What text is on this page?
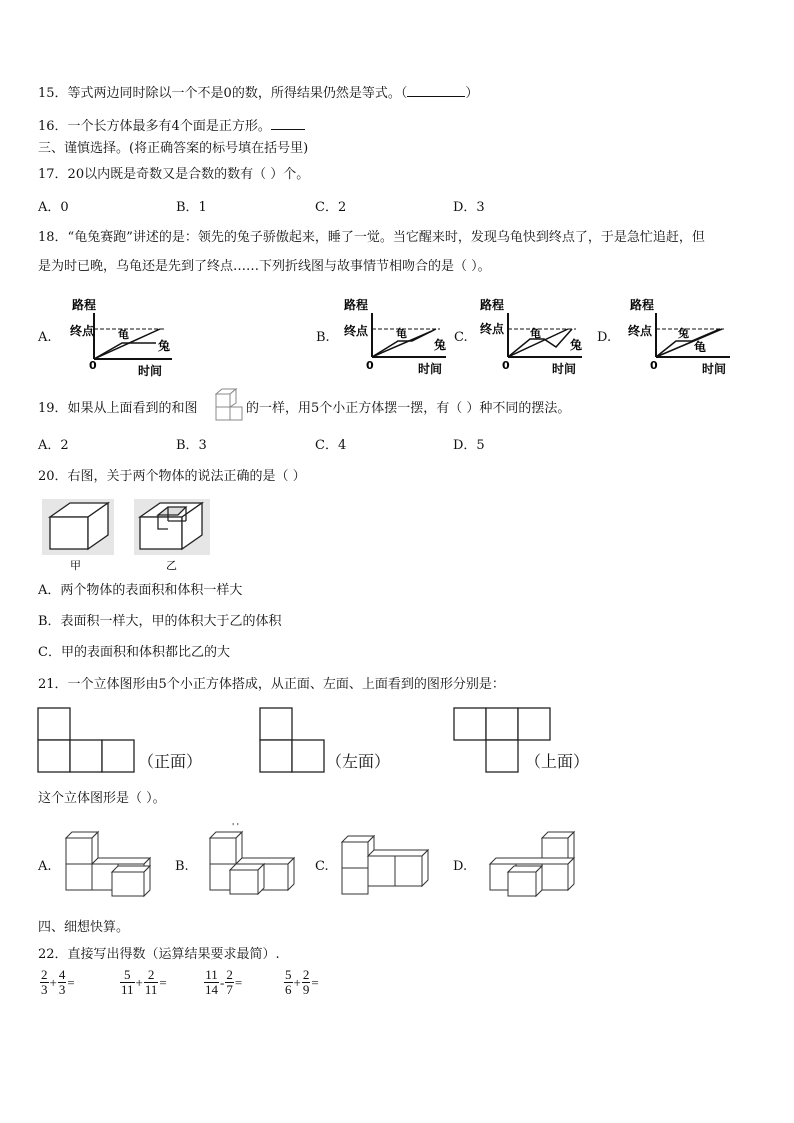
15．等式两边同时除以一个不是0的数，所得结果仍然是等式。（	）
16．一个长方体最多有4个面是正方形。
三、谨慎选择。(将正确答案的标号填在括号里)
17．20以内既是奇数又是合数的数有（ ）个。
A．0	B．1	C．2	D．3
18．“龟兔赛跑”讲述的是：领先的兔子骄傲起来，睡了一觉。当它醒来时，发现乌龟快到终点了，于是急忙追赶，但
是为时已晚，乌龟还是先到了终点……下列折线图与故事情节相吻合的是（ ）。
A.	B.	C.	D.
路程
终点
0
龟
兔
时间
路程
终点
0
龟
兔
时间
路程
终点
0
龟
兔
时间
路程
终点
0
兔
龟
时间
19．如果从上面看到的和图	的一样，用5个小正方体摆一摆，有（ ）种不同的摆法。
A．2	B．3	C．4	D．5
20．右图，关于两个物体的说法正确的是（ ）
甲	乙
A．两个物体的表面积和体积一样大
B．表面积一样大，甲的体积大于乙的体积
C．甲的表面积和体积都比乙的大
21．一个立体图形由5个小正方体搭成，从正面、左面、上面看到的图形分别是：
（正面）	（左面）	（上面）
这个立体图形是（ ）。
A.	B.	C.	D.
' '
四、细想快算。
22．直接写出得数（运算结果要求最简）.
$\frac{2}{3} + \frac{4}{3}$ =	$\frac{5}{11} + \frac{2}{11}$ =	$\frac{11}{14} - \frac{2}{7}$ =	$\frac{5}{6} + \frac{2}{9}$ =
